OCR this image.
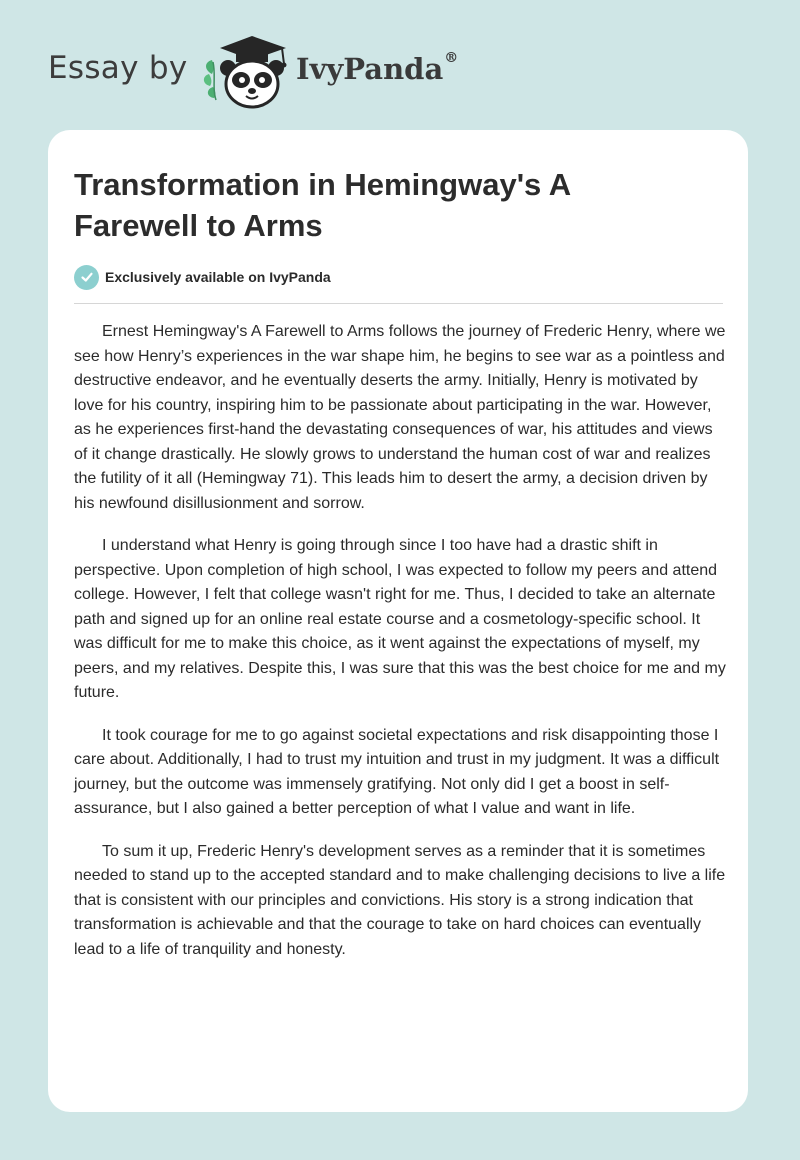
Essay by	IvyPanda®
Transformation in Hemingway's A Farewell to Arms
Exclusively available on IvyPanda

Ernest Hemingway's A Farewell to Arms follows the journey of Frederic Henry, where we see how Henry’s experiences in the war shape him, he begins to see war as a pointless and destructive endeavor, and he eventually deserts the army. Initially, Henry is motivated by love for his country, inspiring him to be passionate about participating in the war. However, as he experiences first-hand the devastating consequences of war, his attitudes and views of it change drastically. He slowly grows to understand the human cost of war and realizes the futility of it all (Hemingway 71). This leads him to desert the army, a decision driven by his newfound disillusionment and sorrow.

I understand what Henry is going through since I too have had a drastic shift in perspective. Upon completion of high school, I was expected to follow my peers and attend college. However, I felt that college wasn't right for me. Thus, I decided to take an alternate path and signed up for an online real estate course and a cosmetology-specific school. It was difficult for me to make this choice, as it went against the expectations of myself, my peers, and my relatives. Despite this, I was sure that this was the best choice for me and my future.

It took courage for me to go against societal expectations and risk disappointing those I care about. Additionally, I had to trust my intuition and trust in my judgment. It was a difficult journey, but the outcome was immensely gratifying. Not only did I get a boost in self-assurance, but I also gained a better perception of what I value and want in life.

To sum it up, Frederic Henry's development serves as a reminder that it is sometimes needed to stand up to the accepted standard and to make challenging decisions to live a life that is consistent with our principles and convictions. His story is a strong indication that transformation is achievable and that the courage to take on hard choices can eventually lead to a life of tranquility and honesty.
